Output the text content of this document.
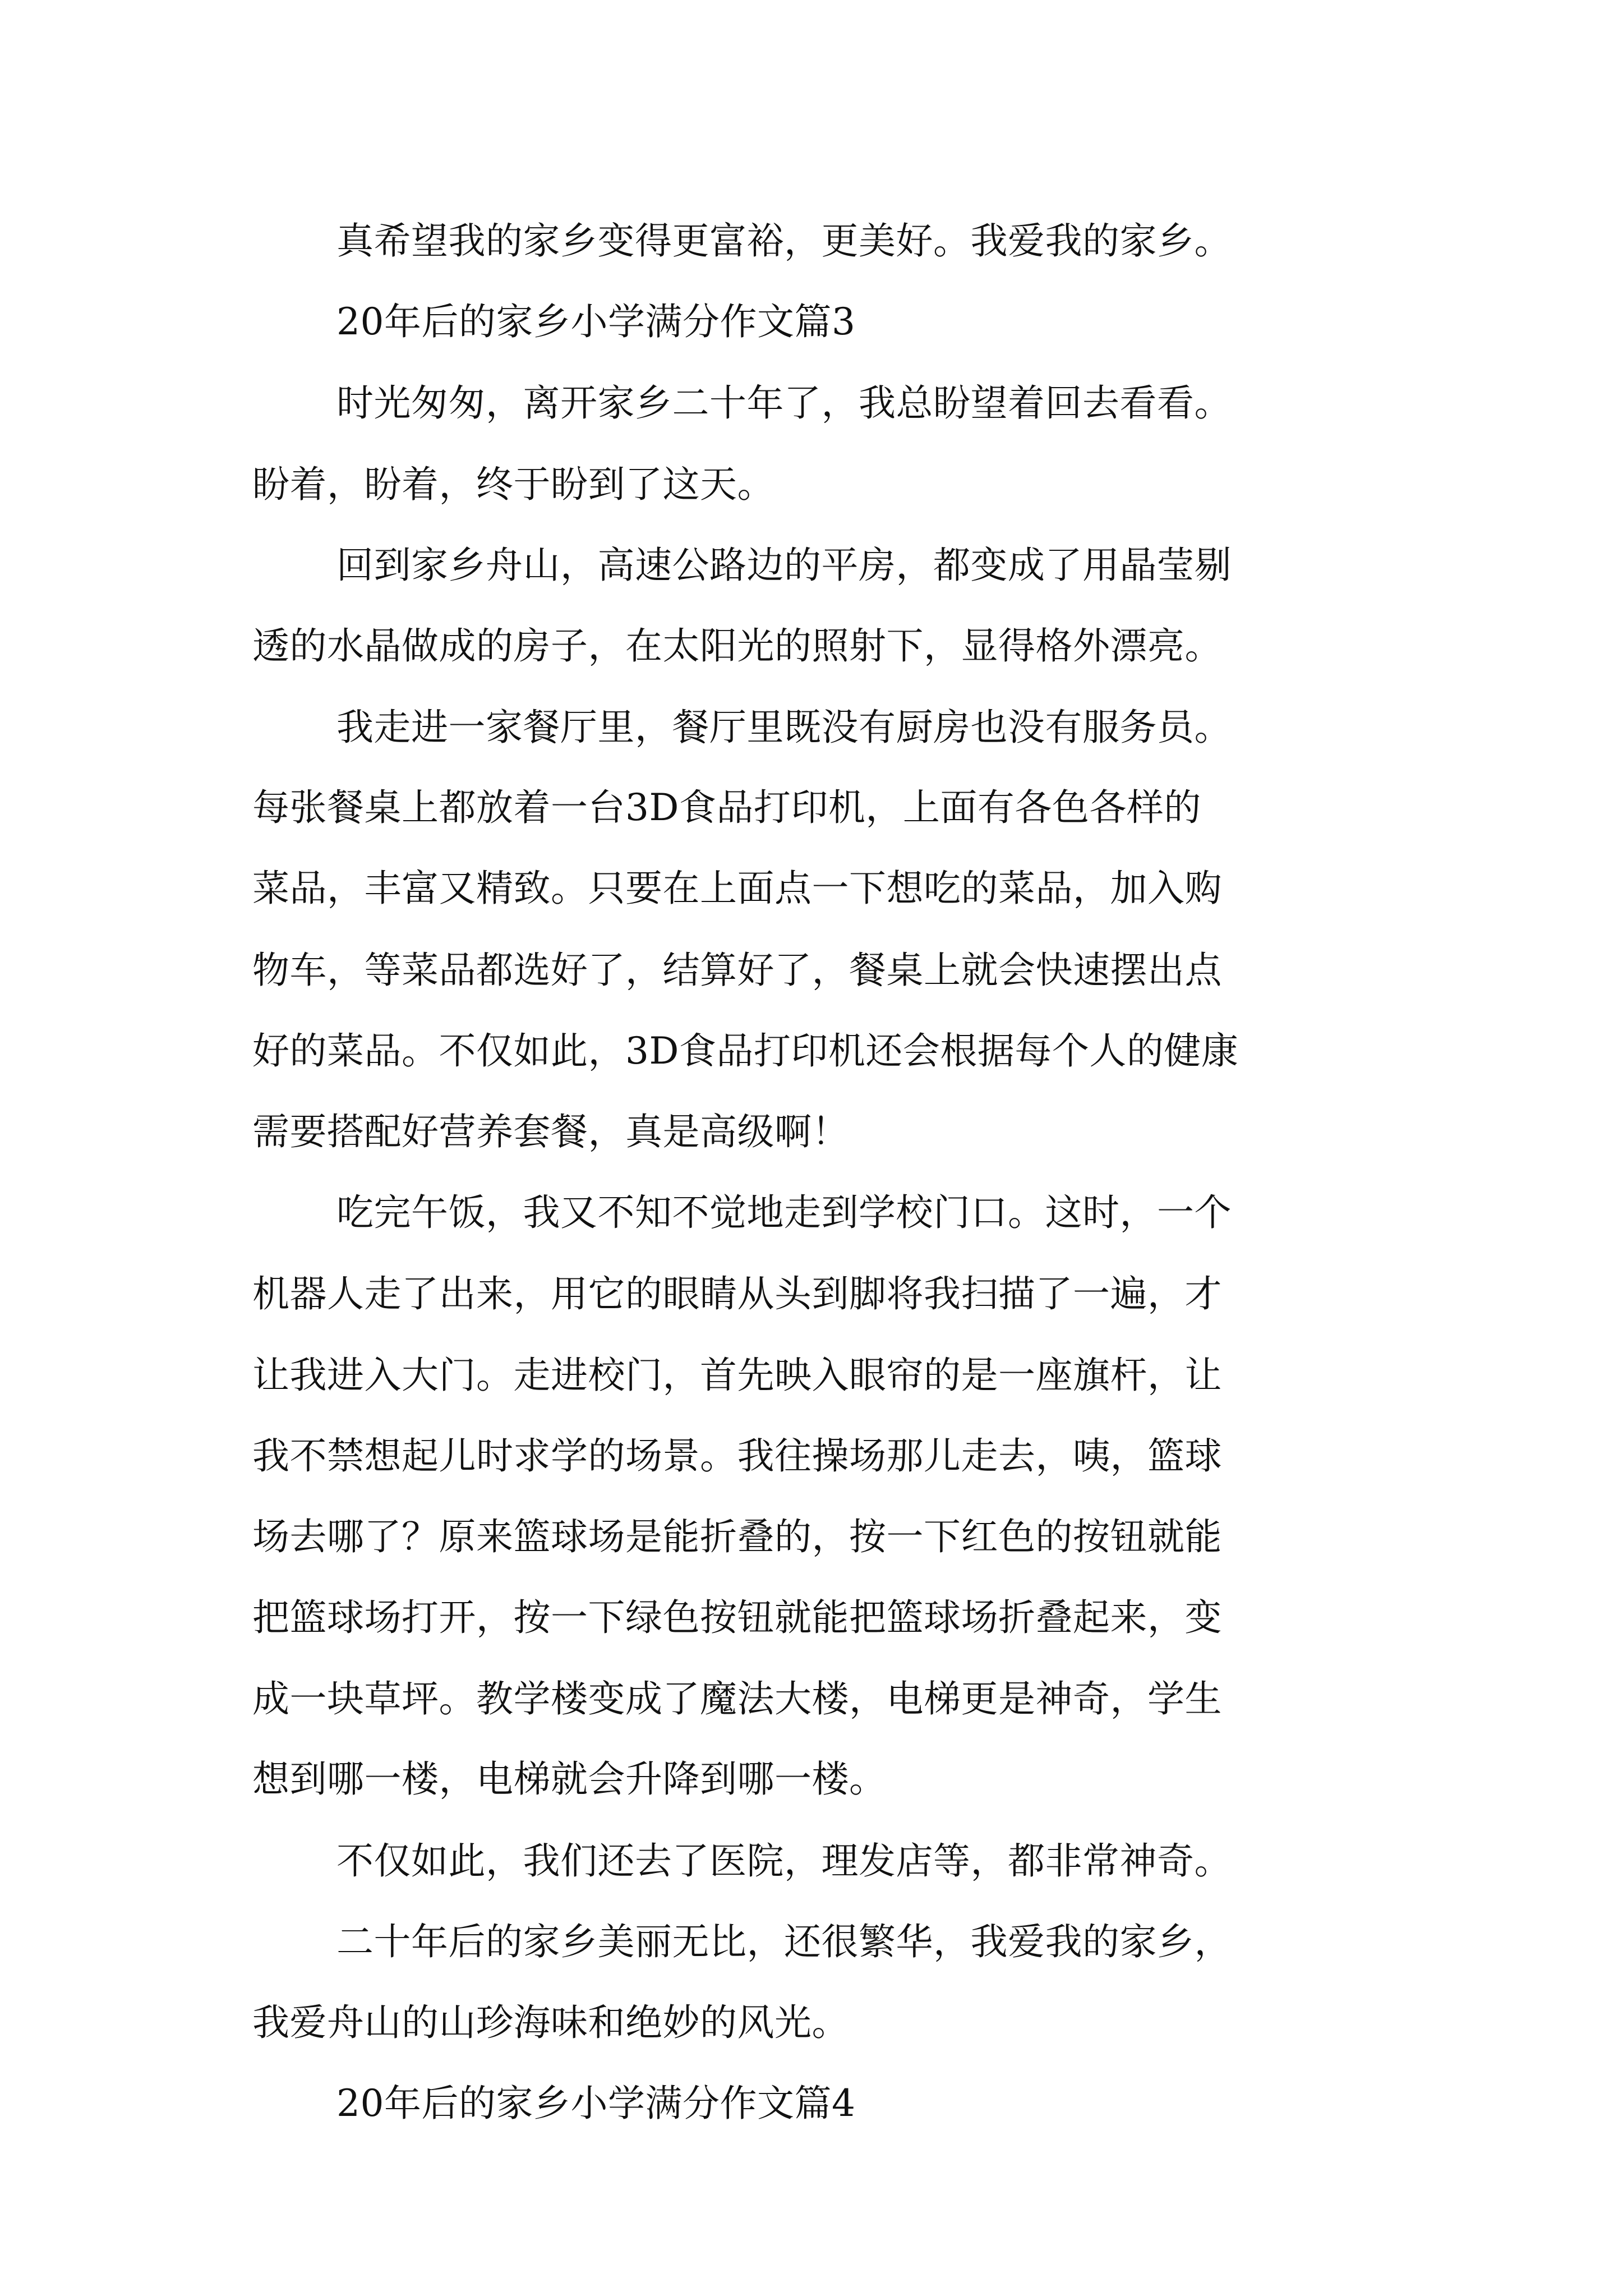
真希望我的家乡变得更富裕，更美好。我爱我的家乡。
20年后的家乡小学满分作文篇3
时光匆匆，离开家乡二十年了，我总盼望着回去看看。
盼着，盼着，终于盼到了这天。
回到家乡舟山，高速公路边的平房，都变成了用晶莹剔
透的水晶做成的房子，在太阳光的照射下，显得格外漂亮。
我走进一家餐厅里，餐厅里既没有厨房也没有服务员。
每张餐桌上都放着一台3D食品打印机，上面有各色各样的
菜品，丰富又精致。只要在上面点一下想吃的菜品，加入购
物车，等菜品都选好了，结算好了，餐桌上就会快速摆出点
好的菜品。不仅如此，3D食品打印机还会根据每个人的健康
需要搭配好营养套餐，真是高级啊！
吃完午饭，我又不知不觉地走到学校门口。这时，一个
机器人走了出来，用它的眼睛从头到脚将我扫描了一遍，才
让我进入大门。走进校门，首先映入眼帘的是一座旗杆，让
我不禁想起儿时求学的场景。我往操场那儿走去，咦，篮球
场去哪了？原来篮球场是能折叠的，按一下红色的按钮就能
把篮球场打开，按一下绿色按钮就能把篮球场折叠起来，变
成一块草坪。教学楼变成了魔法大楼，电梯更是神奇，学生
想到哪一楼，电梯就会升降到哪一楼。
不仅如此，我们还去了医院，理发店等，都非常神奇。
二十年后的家乡美丽无比，还很繁华，我爱我的家乡，
我爱舟山的山珍海味和绝妙的风光。
20年后的家乡小学满分作文篇4
